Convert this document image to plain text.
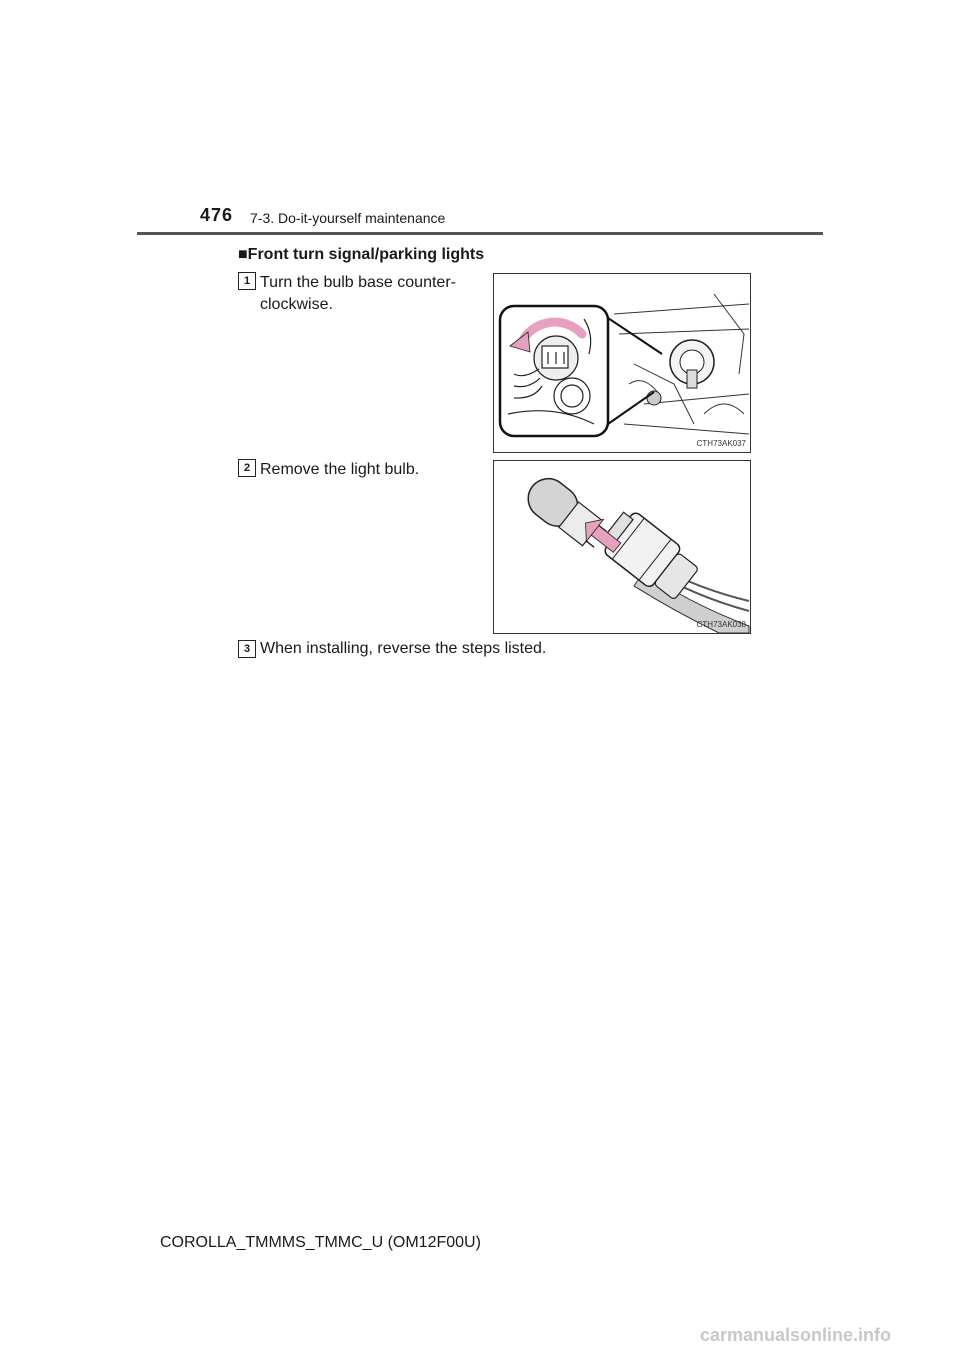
476 7-3. Do-it-yourself maintenance
■Front turn signal/parking lights
1 Turn the bulb base counter-
clockwise.
CTH73AK037
2 Remove the light bulb.
CTH73AK038
3 When installing, reverse the steps listed.
COROLLA_TMMMS_TMMC_U (OM12F00U)
carmanualsonline.info
